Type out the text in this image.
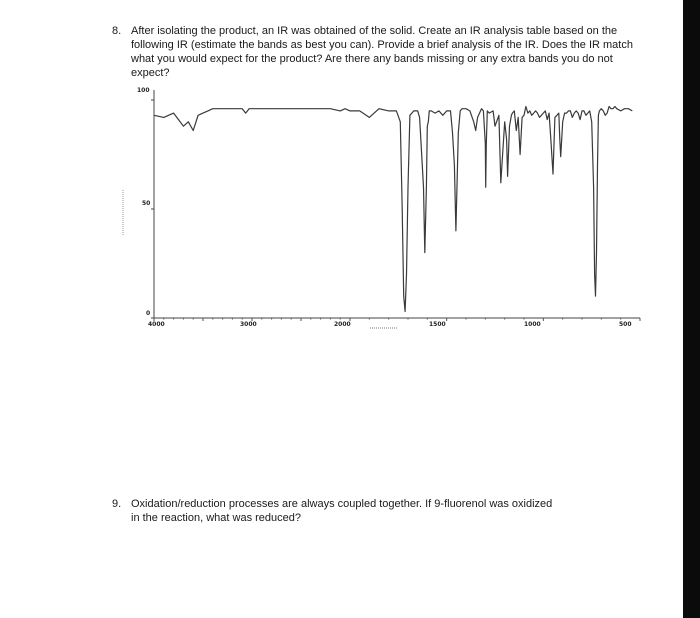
8. After isolating the product, an IR was obtained of the solid. Create an IR analysis table based on the following IR (estimate the bands as best you can). Provide a brief analysis of the IR. Does the IR match what you would expect for the product? Are there any bands missing or any extra bands you do not expect?
100
50
0
4000	3000	2000	1500	1000	500
9. Oxidation/reduction processes are always coupled together. If 9-fluorenol was oxidized
in the reaction, what was reduced?
